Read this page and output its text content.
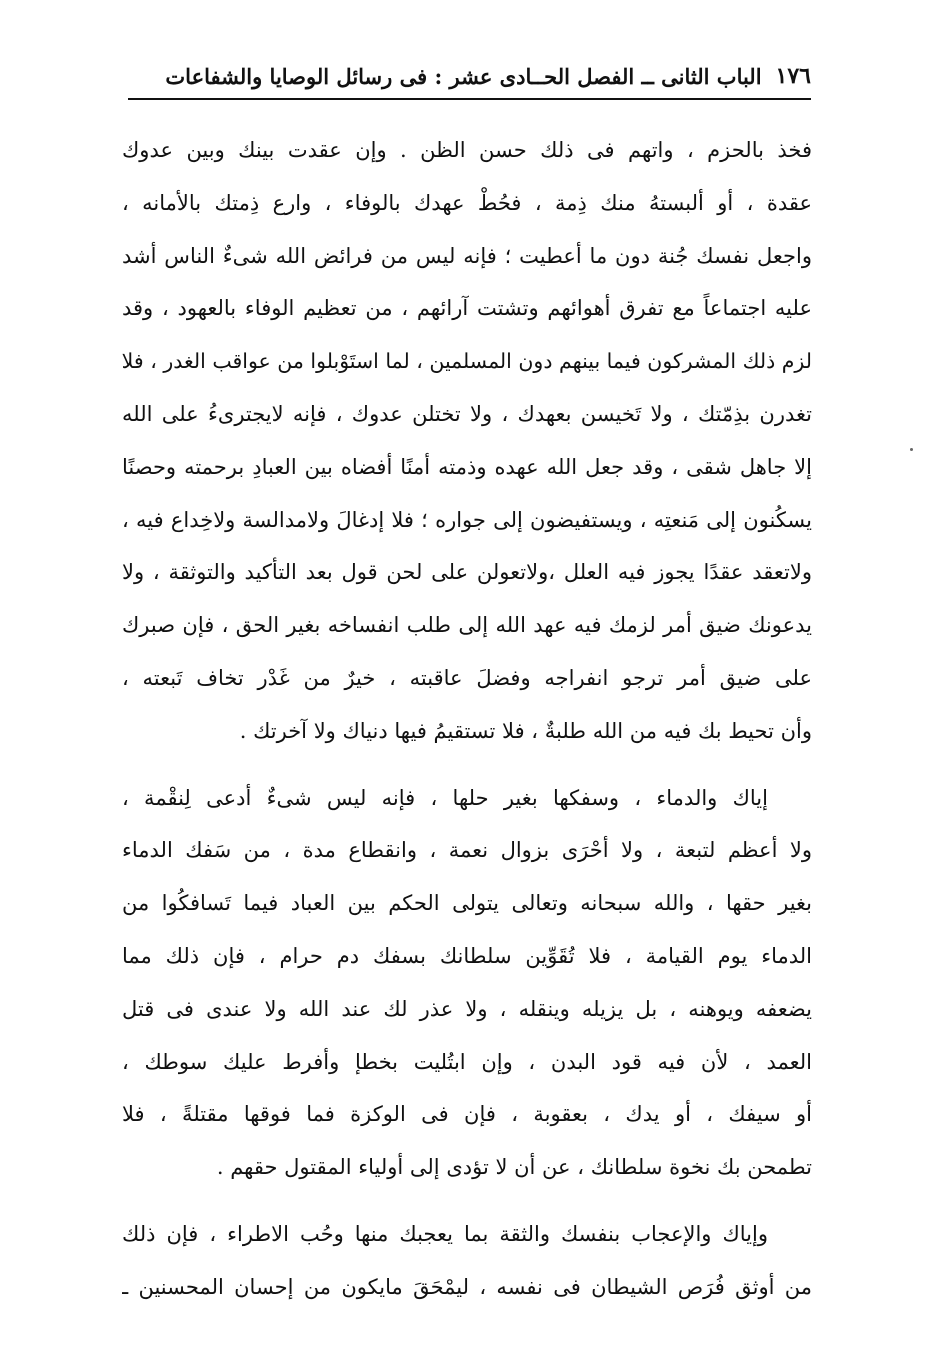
١٧٦
الباب الثانى ــ الفصل الحــادى عشر : فى رسائل الوصايا والشفاعات
فخذ بالحزم ، واتهم فى ذلك حسن الظن . وإن عقدت بينك وبين عدوك
عقدة ، أو ألبستهُ منك ذِمة ، فحُطْ عهدك بالوفاء ، وارع ذِمتك بالأمانه ،
واجعل نفسك جُنة دون ما أعطيت ؛ فإنه ليس من فرائض الله شىءٌ الناس أشد
عليه اجتماعاً مع تفرق أهوائهم وتشتت آرائهم ، من تعظيم الوفاء بالعهود ، وقد
لزم ذلك المشركون فيما بينهم دون المسلمين ، لما استَوْبلوا من عواقب الغدر ، فلا
تغدرن بذِمّتك ، ولا تَخيسن بعهدك ، ولا تختلن عدوك ، فإنه لايجترىءُ على الله
إلا جاهل شقى ، وقد جعل الله عهده وذمته أمنًا أفضاه بين العبادِ برحمته وحصنًا
يسكُنون إلى مَنعتِه ، ويستفيضون إلى جواره ؛ فلا إدغالَ ولامدالسة ولاخِداع فيه ،
ولاتعقد عقدًا يجوز فيه العلل ،ولاتعولن على لحن قول بعد التأكيد والتوثقة ، ولا
يدعونك ضيق أمر لزمك فيه عهد الله إلى طلب انفساخه بغير الحق ، فإن صبرك
على ضيق أمر ترجو انفراجه وفضلَ عاقبته ، خيرٌ من غَدْر تخاف تَبعته ،
وأن تحيط بك فيه من الله طلبةٌ ، فلا تستقيمُ فيها دنياك ولا آخرتك .
إياك والدماء ، وسفكها بغير حلها ، فإنه ليس شىءٌ أدعى لِنقْمة ،
ولا أعظم لتبعة ، ولا أحْرَى بزوال نعمة ، وانقطاع مدة ، من سَفك الدماء
بغير حقها ، والله سبحانه وتعالى يتولى الحكم بين العباد فيما تَسافكُوا من
الدماء يوم القيامة ، فلا تُقَوِّين سلطانك بسفك دم حرام ، فإن ذلك مما
يضعفه ويوهنه ، بل يزيله وينقله ، ولا عذر لك عند الله ولا عندى فى قتل
العمد ، لأن فيه قود البدن ، وإن ابتُليت بخطإ وأفرط عليك سوطك ،
أو سيفك ، أو يدك ، بعقوبة ، فإن فى الوكزة فما فوقها مقتلةً ، فلا
تطمحن بك نخوة سلطانك ، عن أن لا تؤدى إلى أولياء المقتول حقهم .
وإياك والإعجاب بنفسك والثقة بما يعجبك منها وحُب الاطراء ، فإن ذلك
من أوثق فُرَص الشيطان فى نفسه ، ليمْحَقَ مايكون من إحسان المحسنين ـ
